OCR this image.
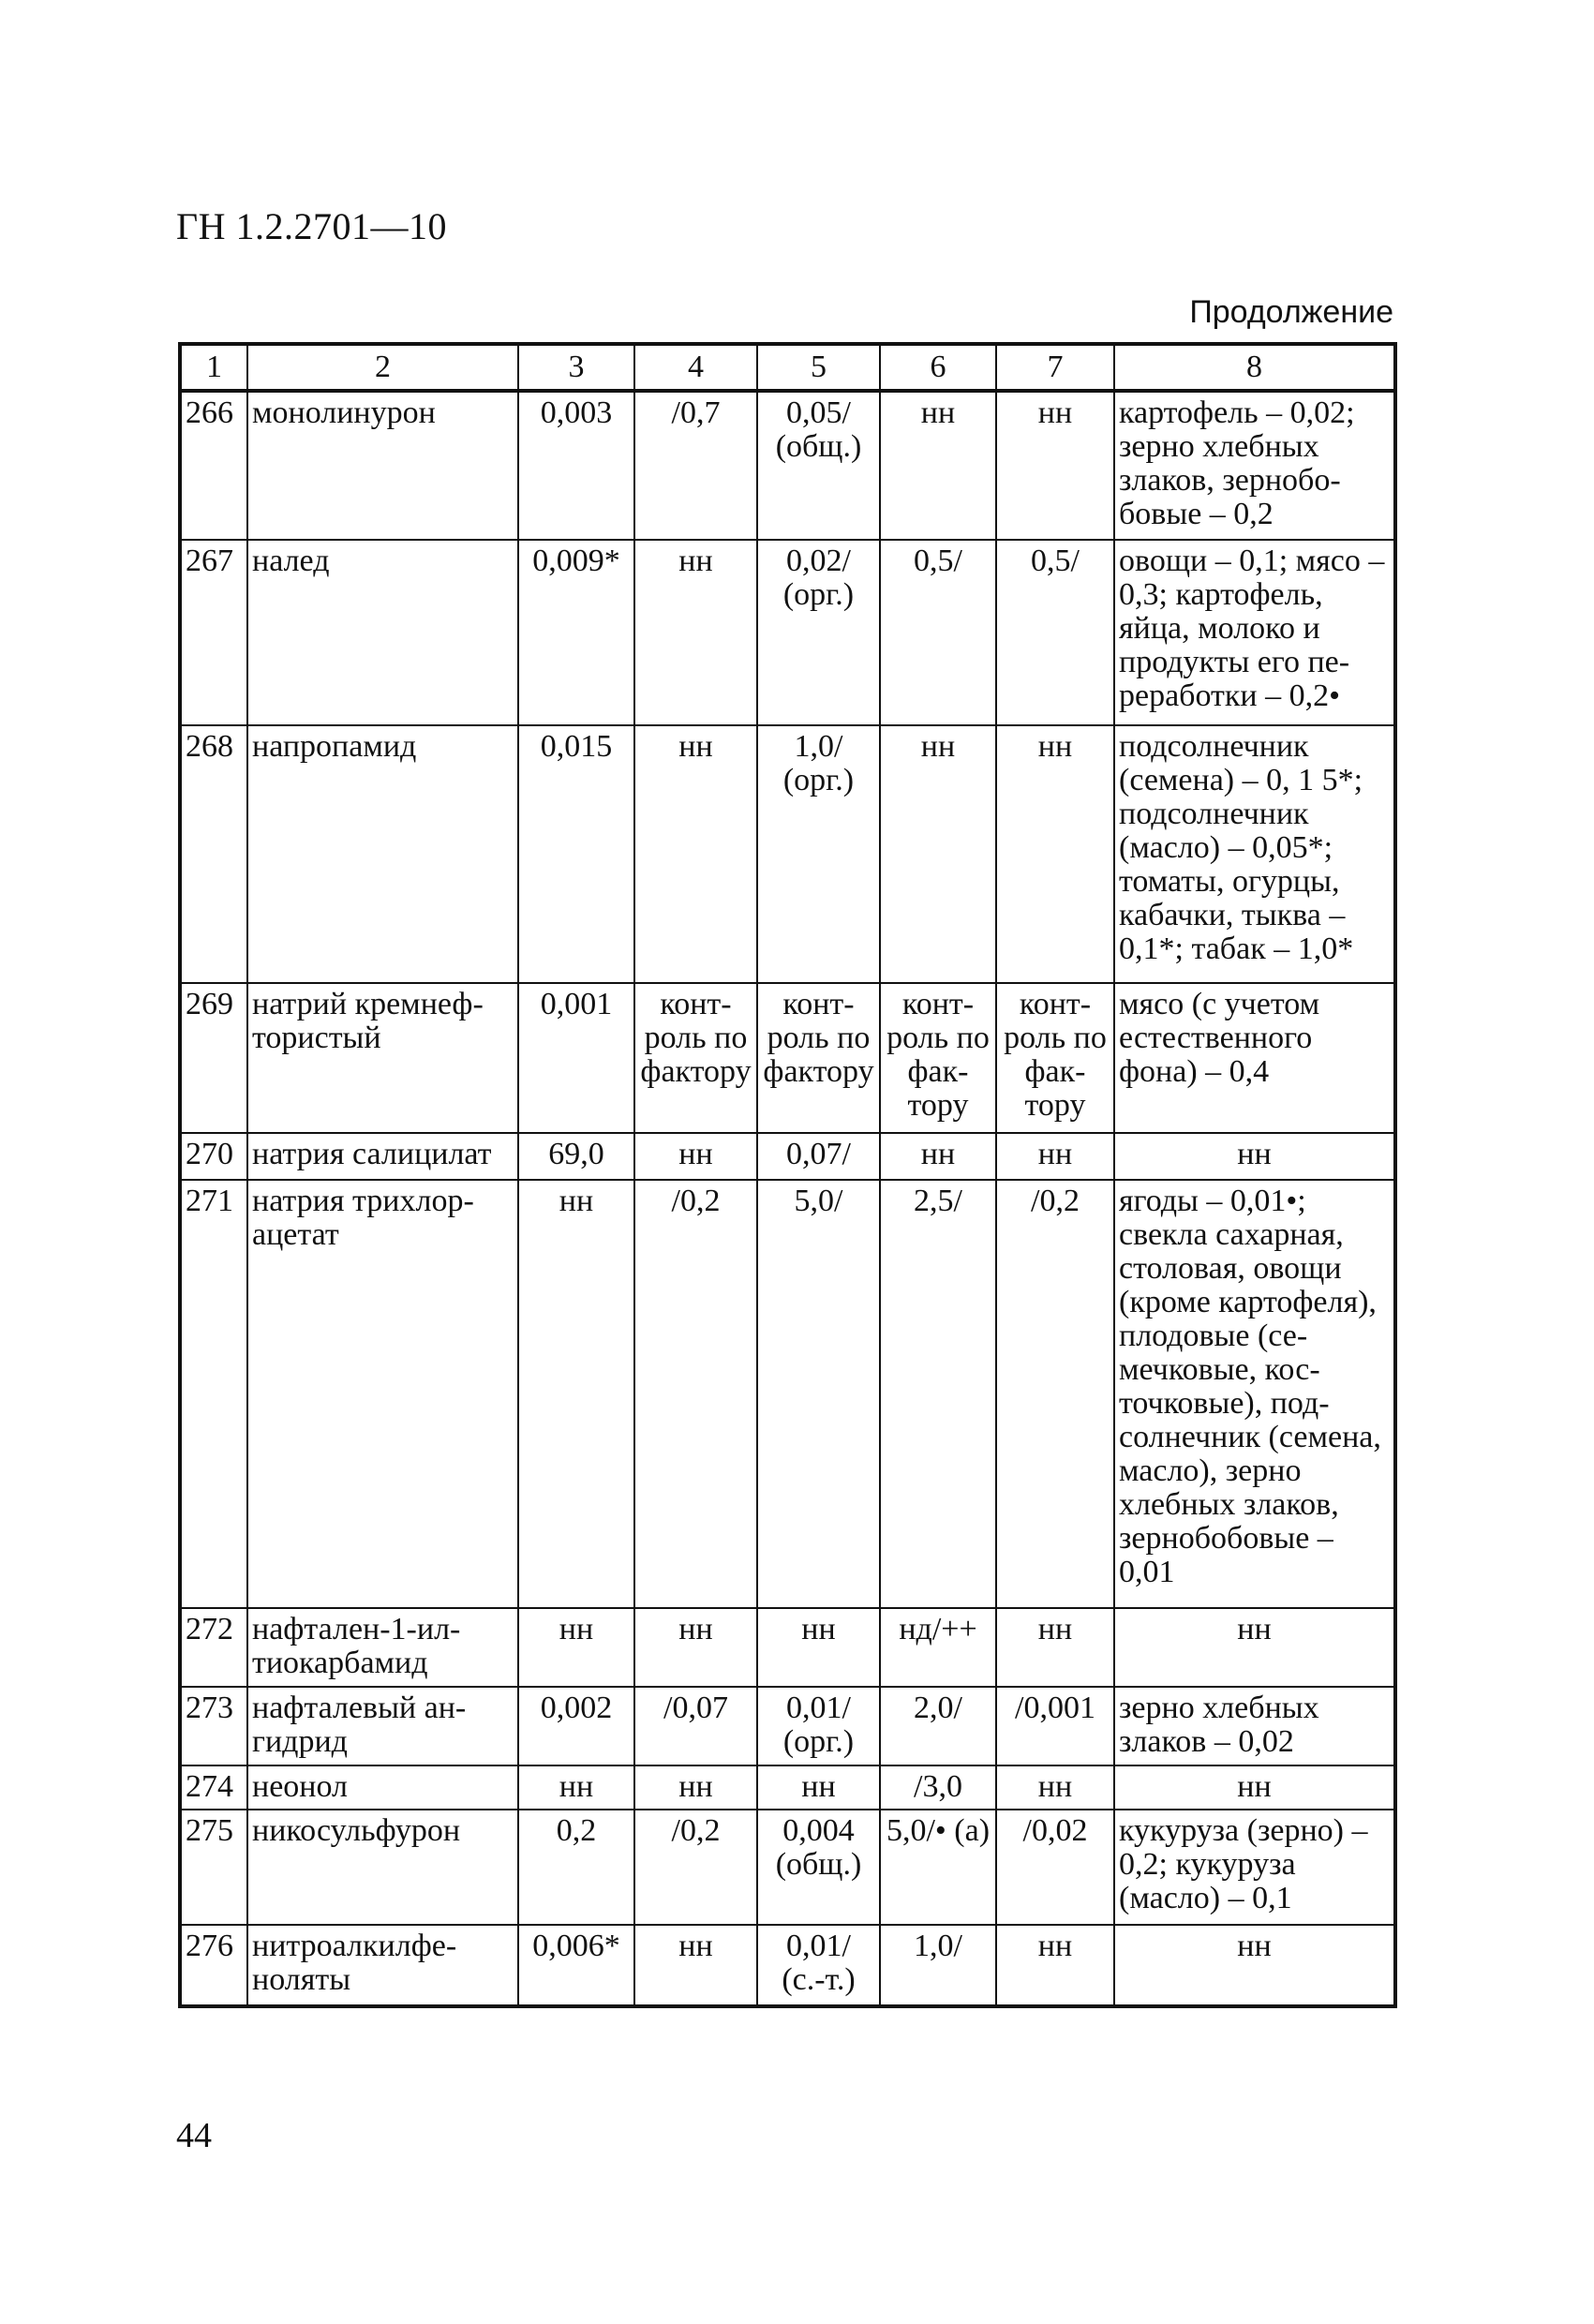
ГН 1.2.2701—10
Продолжение
1	2	3	4	5	6	7	8
266	монолинурон	0,003	/0,7	0,05/ (общ.)	нн	нн	картофель – 0,02; зерно хлебных злаков, зернобобовые – 0,2
267	налед	0,009*	нн	0,02/ (орг.)	0,5/	0,5/	овощи – 0,1; мясо – 0,3; картофель, яйца, молоко и продукты его переработки – 0,2•
268	напропамид	0,015	нн	1,0/ (орг.)	нн	нн	подсолнечник (семена) – 0, 1 5*; подсолнечник (масло) – 0,05*; томаты, огурцы, кабачки, тыква – 0,1*; табак – 1,0*
269	натрий кремнефтористый	0,001	контроль по фактору	контроль по фактору	контроль по фактору	контроль по фактору	мясо (с учетом естественного фона) – 0,4
270	натрия салицилат	69,0	нн	0,07/	нн	нн	нн
271	натрия трихлорацетат	нн	/0,2	5,0/	2,5/	/0,2	ягоды – 0,01•; свекла сахарная, столовая, овощи (кроме картофеля), плодовые (семечковые, косточковые), подсолнечник (семена, масло), зерно хлебных злаков, зернобобовые – 0,01
272	нафтален-1-илтиокарбамид	нн	нн	нн	нд/++	нн	нн
273	нафталевый ангидрид	0,002	/0,07	0,01/ (орг.)	2,0/	/0,001	зерно хлебных злаков – 0,02
274	неонол	нн	нн	нн	/3,0	нн	нн
275	никосульфурон	0,2	/0,2	0,004 (общ.)	5,0/• (а)	/0,02	кукуруза (зерно) – 0,2; кукуруза (масло) – 0,1
276	нитроалкилфеноляты	0,006*	нн	0,01/ (с.-т.)	1,0/	нн	нн
44
